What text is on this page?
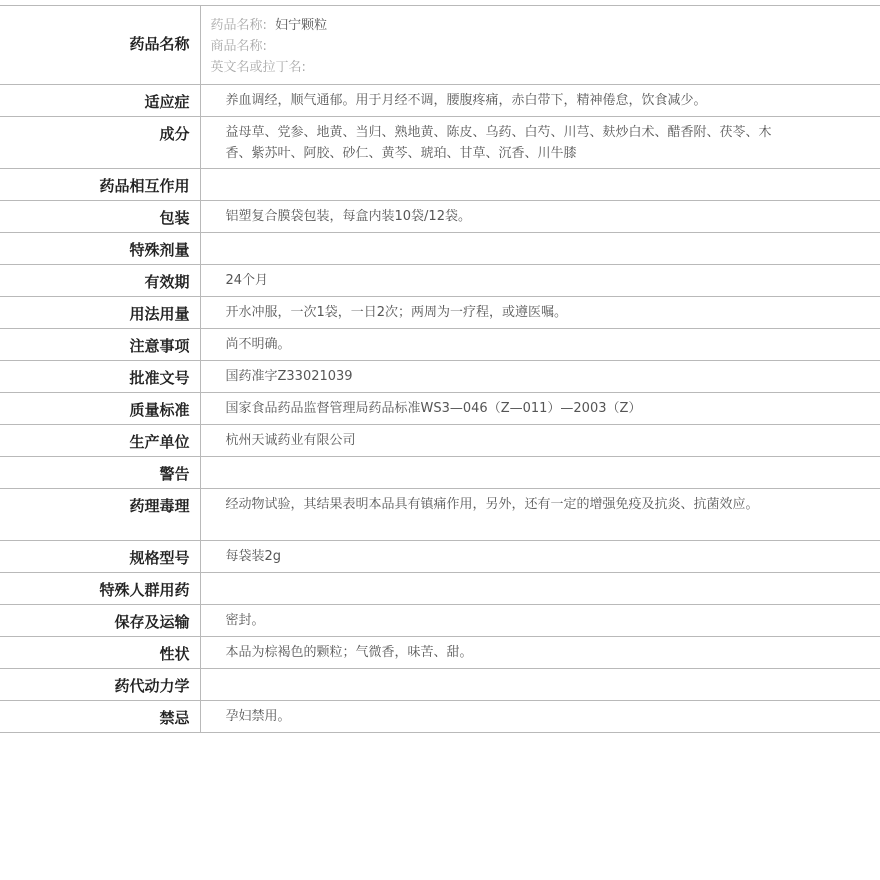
药品名称	药品名称: 妇宁颗粒
商品名称:
英文名或拉丁名:

适应症	养血调经，顺气通郁。用于月经不调，腰腹疼痛，赤白带下，精神倦怠，饮食减少。

成分	益母草、党参、地黄、当归、熟地黄、陈皮、乌药、白芍、川芎、麸炒白术、醋香附、茯苓、木香、紫苏叶、阿胶、砂仁、黄芩、琥珀、甘草、沉香、川牛膝

药品相互作用	

包装	铝塑复合膜袋包装，每盒内装10袋/12袋。

特殊剂量	

有效期	24个月

用法用量	开水冲服，一次1袋，一日2次；两周为一疗程，或遵医嘱。

注意事项	尚不明确。

批准文号	国药准字Z33021039

质量标准	国家食品药品监督管理局药品标准WS3—046（Z—011）—2003（Z）

生产单位	杭州天诚药业有限公司

警告	

药理毒理	经动物试验，其结果表明本品具有镇痛作用，另外，还有一定的增强免疫及抗炎、抗菌效应。

规格型号	每袋装2g

特殊人群用药	

保存及运输	密封。

性状	本品为棕褐色的颗粒；气微香，味苦、甜。

药代动力学	

禁忌	孕妇禁用。
